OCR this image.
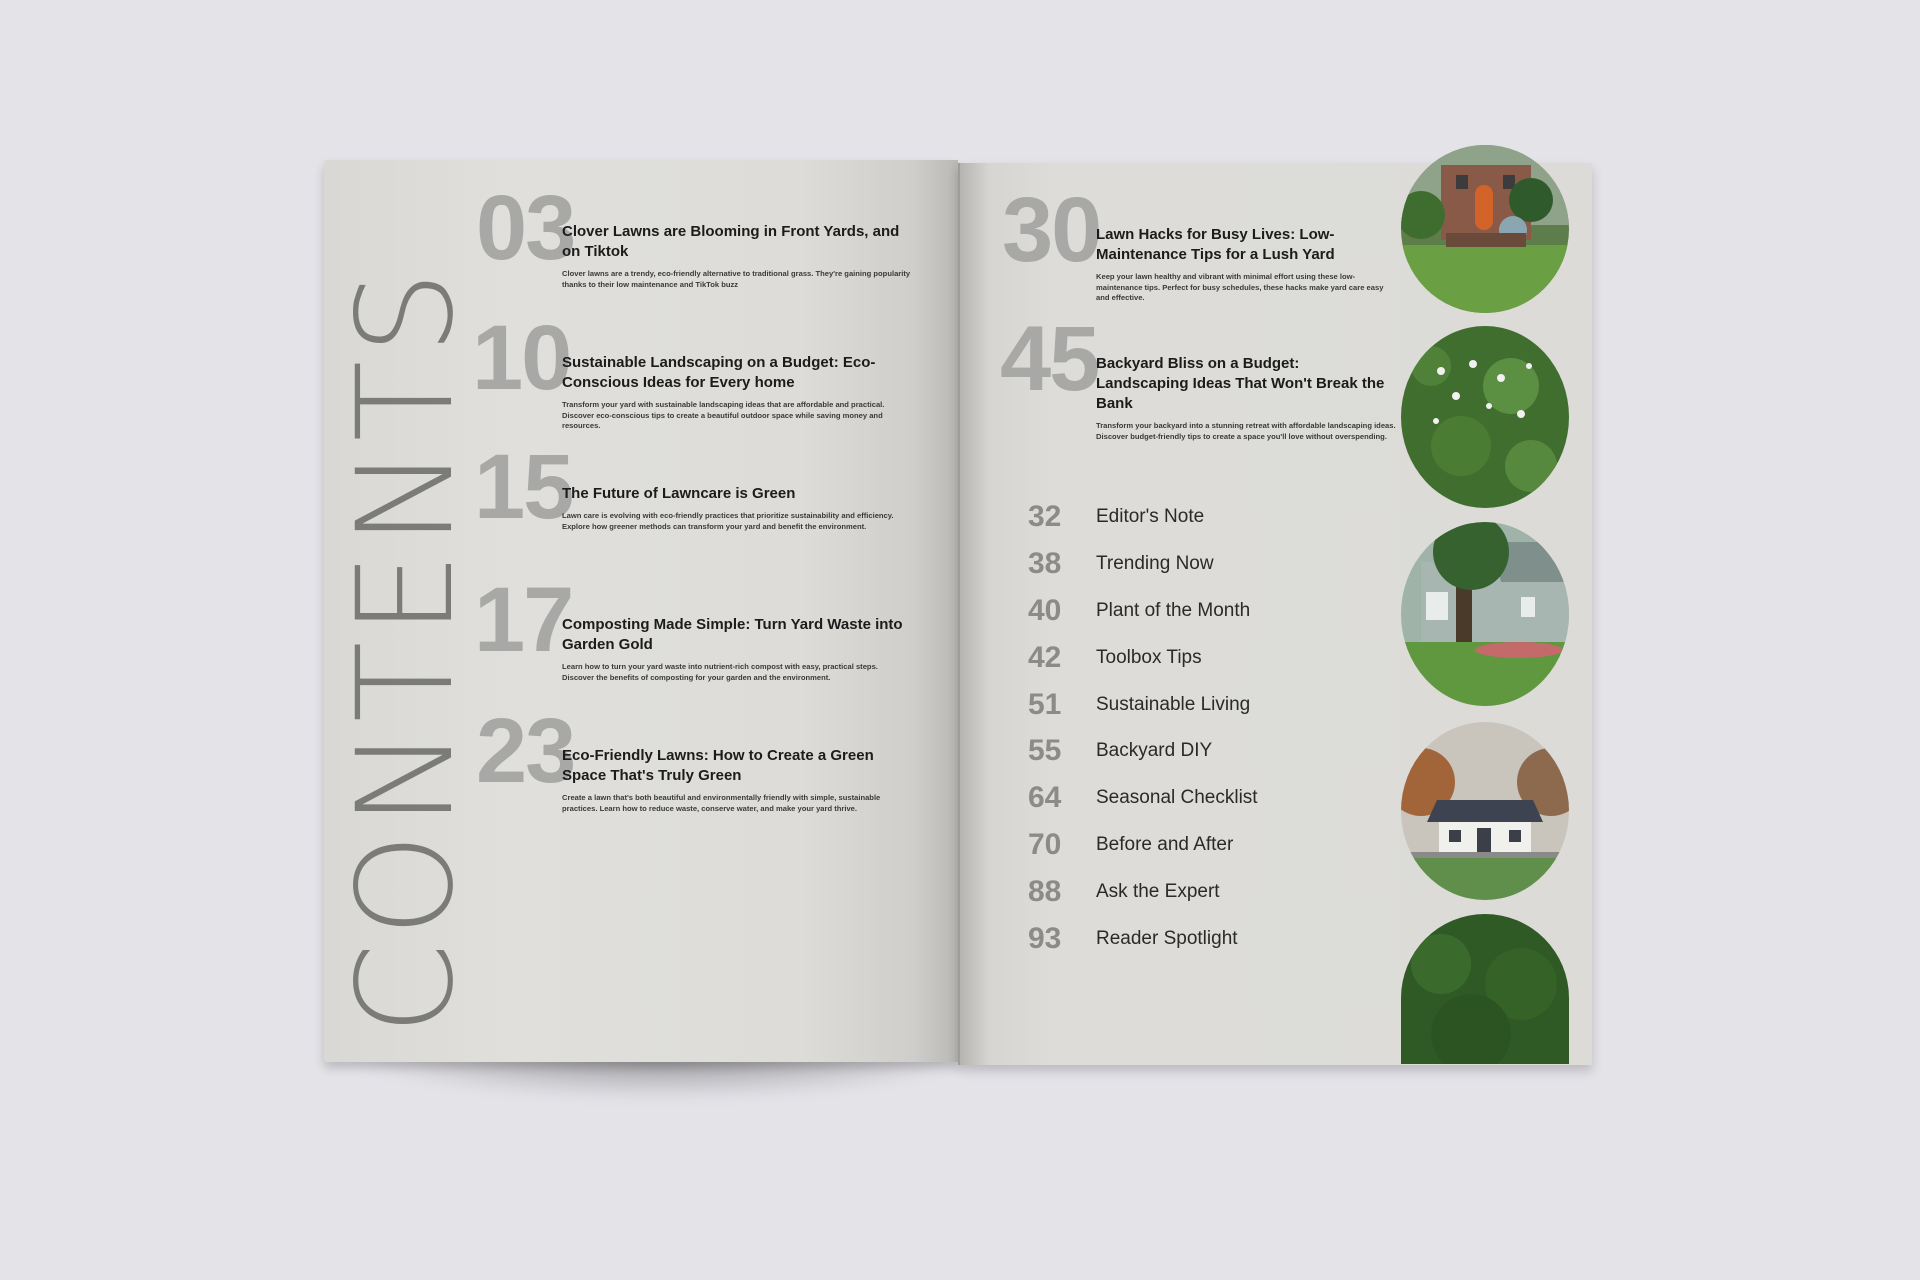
CONTENTS
03
Clover Lawns are Blooming in Front Yards, and on Tiktok
Clover lawns are a trendy, eco-friendly alternative to traditional grass. They're gaining popularity thanks to their low maintenance and TikTok buzz
10
Sustainable Landscaping on a Budget: Eco-Conscious Ideas for Every home
Transform your yard with sustainable landscaping ideas that are affordable and practical. Discover eco-conscious tips to create a beautiful outdoor space while saving money and resources.
15
The Future of Lawncare is Green
Lawn care is evolving with eco-friendly practices that prioritize sustainability and efficiency. Explore how greener methods can transform your yard and benefit the environment.
17
Composting Made Simple: Turn Yard Waste into Garden Gold
Learn how to turn your yard waste into nutrient-rich compost with easy, practical steps. Discover the benefits of composting for your garden and the environment.
23
Eco-Friendly Lawns: How to Create a Green Space That's Truly Green
Create a lawn that's both beautiful and environmentally friendly with simple, sustainable practices. Learn how to reduce waste, conserve water, and make your yard thrive.
30
Lawn Hacks for Busy Lives: Low-Maintenance Tips for a Lush Yard
Keep your lawn healthy and vibrant with minimal effort using these low-maintenance tips. Perfect for busy schedules, these hacks make yard care easy and effective.
45
Backyard Bliss on a Budget: Landscaping Ideas That Won't Break the Bank
Transform your backyard into a stunning retreat with affordable landscaping ideas. Discover budget-friendly tips to create a space you'll love without overspending.
32	Editor's Note
38	Trending Now
40	Plant of the Month
42	Toolbox Tips
51	Sustainable Living
55	Backyard DIY
64	Seasonal Checklist
70	Before and After
88	Ask the Expert
93	Reader Spotlight
